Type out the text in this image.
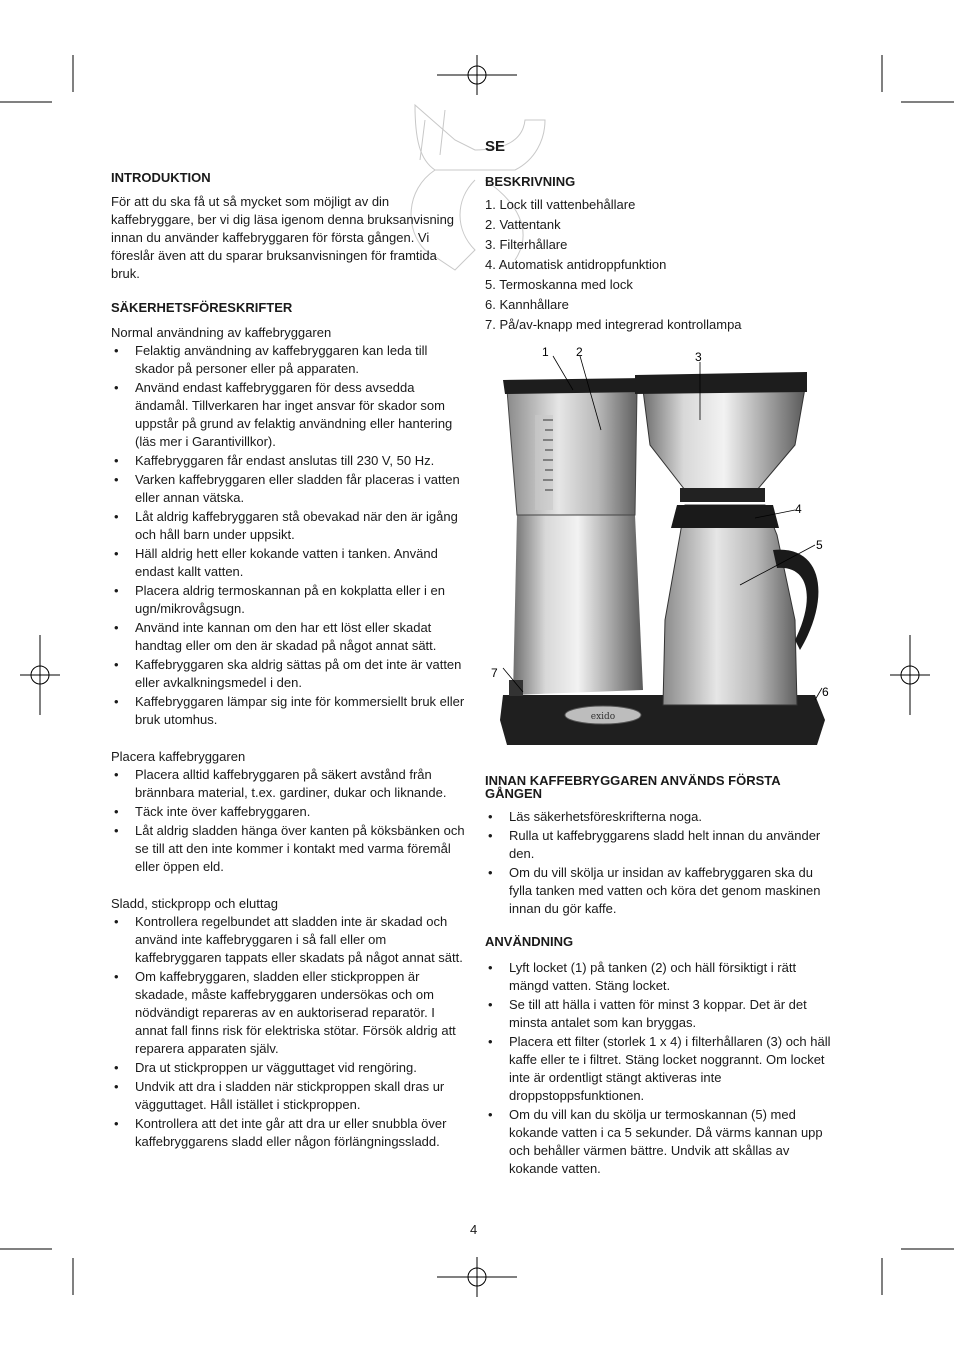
INTRODUKTION

För att du ska få ut så mycket som möjligt av din kaffebryggare, ber vi dig läsa igenom denna bruksanvisning innan du använder kaffebryggaren för första gången. Vi föreslår även att du sparar bruksanvisningen för framtida bruk.

SÄKERHETSFÖRESKRIFTER
Normal användning av kaffebryggaren
• Felaktig användning av kaffebryggaren kan leda till skador på personer eller på apparaten.
• Använd endast kaffebryggaren för dess avsedda ändamål. Tillverkaren har inget ansvar för skador som uppstår på grund av felaktig användning eller hantering (läs mer i Garantivillkor).
• Kaffebryggaren får endast anslutas till 230 V, 50 Hz.
• Varken kaffebryggaren eller sladden får placeras i vatten eller annan vätska.
• Låt aldrig kaffebryggaren stå obevakad när den är igång och håll barn under uppsikt.
• Häll aldrig hett eller kokande vatten i tanken. Använd endast kallt vatten.
• Placera aldrig termoskannan på en kokplatta eller i en ugn/mikrovågsugn.
• Använd inte kannan om den har ett löst eller skadat handtag eller om den är skadad på något annat sätt.
• Kaffebryggaren ska aldrig sättas på om det inte är vatten eller avkalkningsmedel i den.
• Kaffebryggaren lämpar sig inte för kommersiellt bruk eller bruk utomhus.
Placera kaffebryggaren
• Placera alltid kaffebryggaren på säkert avstånd från brännbara material, t.ex. gardiner, dukar och liknande.
• Täck inte över kaffebryggaren.
• Låt aldrig sladden hänga över kanten på köksbänken och se till att den inte kommer i kontakt med varma föremål eller öppen eld.
Sladd, stickpropp och eluttag
• Kontrollera regelbundet att sladden inte är skadad och använd inte kaffebryggaren i så fall eller om kaffebryggaren tappats eller skadats på något annat sätt.
• Om kaffebryggaren, sladden eller stickproppen är skadade, måste kaffebryggaren undersökas och om nödvändigt repareras av en auktoriserad reparatör. I annat fall finns risk för elektriska stötar. Försök aldrig att reparera apparaten själv.
• Dra ut stickproppen ur vägguttaget vid rengöring.
• Undvik att dra i sladden när stickproppen skall dras ur vägguttaget. Håll istället i stickproppen.
• Kontrollera att det inte går att dra ur eller snubbla över kaffebryggarens sladd eller någon förlängningssladd.
SE
BESKRIVNING
1. Lock till vattenbehållare
2. Vattentank
3. Filterhållare
4. Automatisk antidroppfunktion
5. Termoskanna med lock
6. Kannhållare
7. På/av-knapp med integrerad kontrollampa
exido
1 2	3
4
5
6
7
INNAN KAFFEBRYGGAREN ANVÄNDS FÖRSTA GÅNGEN
• Läs säkerhetsföreskrifterna noga.
• Rulla ut kaffebryggarens sladd helt innan du använder den.
• Om du vill skölja ur insidan av kaffebryggaren ska du fylla tanken med vatten och köra det genom maskinen innan du gör kaffe.
ANVÄNDNING
• Lyft locket (1) på tanken (2) och häll försiktigt i rätt mängd vatten. Stäng locket.
• Se till att hälla i vatten för minst 3 koppar. Det är det minsta antalet som kan bryggas.
• Placera ett filter (storlek 1 x 4) i filterhållaren (3) och häll kaffe eller te i filtret. Stäng locket noggrannt. Om locket inte är ordentligt stängt aktiveras inte droppstoppsfunktionen.
• Om du vill kan du skölja ur termoskannan (5) med kokande vatten i ca 5 sekunder. Då värms kannan upp och behåller värmen bättre. Undvik att skållas av kokande vatten.
4
